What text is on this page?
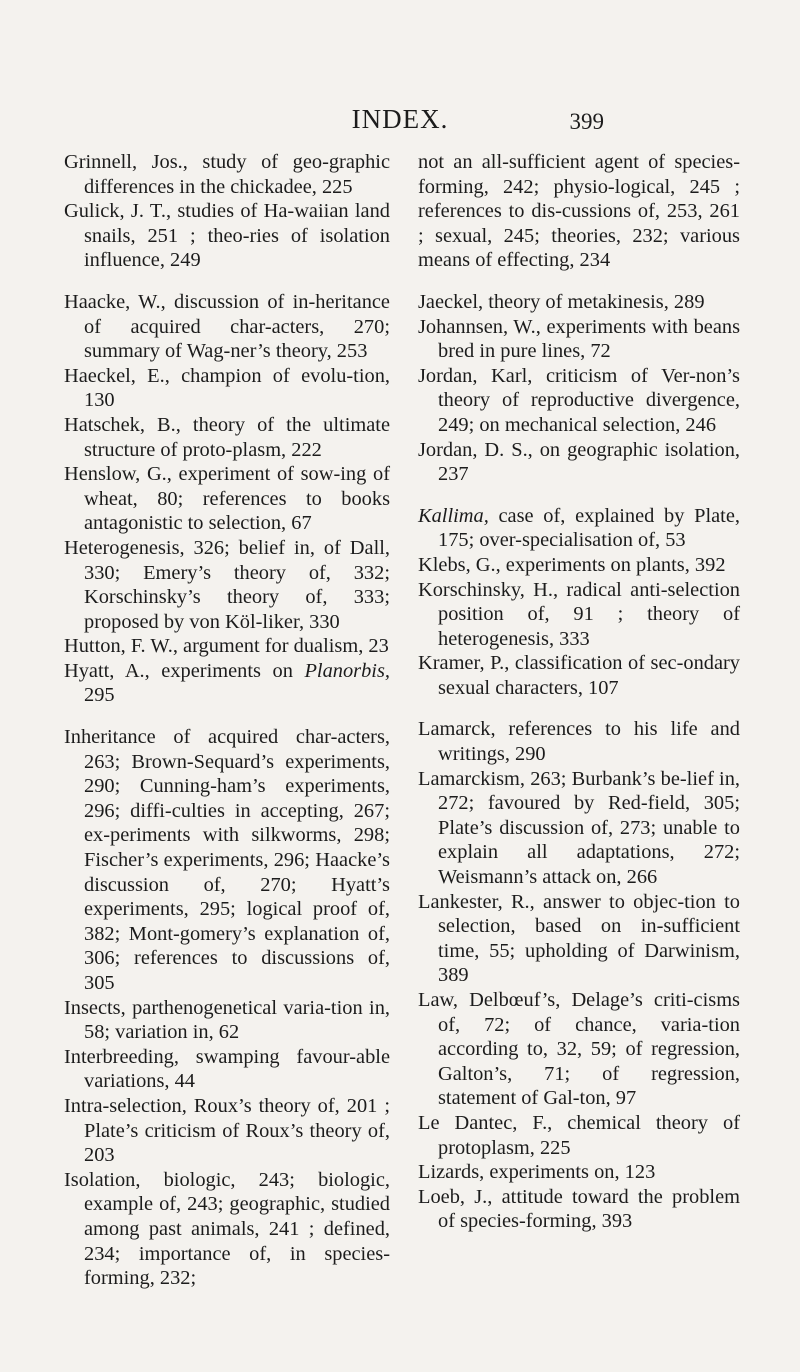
INDEX.	399
Grinnell, Jos., study of geo-graphic differences in the chickadee, 225
Gulick, J. T., studies of Ha-waiian land snails, 251 ; theo-ries of isolation influence, 249
Haacke, W., discussion of in-heritance of acquired char-acters, 270; summary of Wag-ner’s theory, 253
Haeckel, E., champion of evolu-tion, 130
Hatschek, B., theory of the ultimate structure of proto-plasm, 222
Henslow, G., experiment of sow-ing of wheat, 80; references to books antagonistic to selection, 67
Heterogenesis, 326; belief in, of Dall, 330; Emery’s theory of, 332; Korschinsky’s theory of, 333; proposed by von Köl-liker, 330
Hutton, F. W., argument for dualism, 23
Hyatt, A., experiments on Planorbis, 295
Inheritance of acquired char-acters, 263; Brown-Sequard’s experiments, 290; Cunning-ham’s experiments, 296; diffi-culties in accepting, 267; ex-periments with silkworms, 298; Fischer’s experiments, 296; Haacke’s discussion of, 270; Hyatt’s experiments, 295; logical proof of, 382; Mont-gomery’s explanation of, 306; references to discussions of, 305
Insects, parthenogenetical varia-tion in, 58; variation in, 62
Interbreeding, swamping favour-able variations, 44
Intra-selection, Roux’s theory of, 201 ; Plate’s criticism of Roux’s theory of, 203
Isolation, biologic, 243; biologic, example of, 243; geographic, studied among past animals, 241 ; defined, 234; importance of, in species-forming, 232;
not an all-sufficient agent of species-forming, 242; physio-logical, 245 ; references to dis-cussions of, 253, 261 ; sexual, 245; theories, 232; various means of effecting, 234
Jaeckel, theory of metakinesis, 289
Johannsen, W., experiments with beans bred in pure lines, 72
Jordan, Karl, criticism of Ver-non’s theory of reproductive divergence, 249; on mechanical selection, 246
Jordan, D. S., on geographic isolation, 237
Kallima, case of, explained by Plate, 175; over-specialisation of, 53
Klebs, G., experiments on plants, 392
Korschinsky, H., radical anti-selection position of, 91 ; theory of heterogenesis, 333
Kramer, P., classification of sec-ondary sexual characters, 107
Lamarck, references to his life and writings, 290
Lamarckism, 263; Burbank’s be-lief in, 272; favoured by Red-field, 305; Plate’s discussion of, 273; unable to explain all adaptations, 272; Weismann’s attack on, 266
Lankester, R., answer to objec-tion to selection, based on in-sufficient time, 55; upholding of Darwinism, 389
Law, Delbœuf’s, Delage’s criti-cisms of, 72; of chance, varia-tion according to, 32, 59; of regression, Galton’s, 71; of regression, statement of Gal-ton, 97
Le Dantec, F., chemical theory of protoplasm, 225
Lizards, experiments on, 123
Loeb, J., attitude toward the problem of species-forming, 393
